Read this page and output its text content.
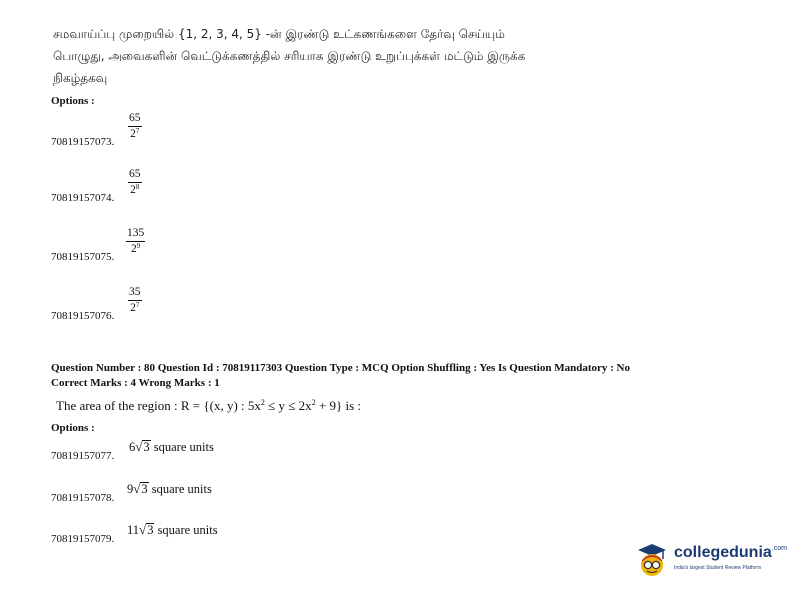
சமவாய்ப்பு முறையில் {1, 2, 3, 4, 5} -ன் இரண்டு உட்கணங்களை தேர்வு செய்யும்
பொழுது, அவைகளின் வெட்டுக்கணத்தில் சரியாக இரண்டு உறுப்புக்கள் மட்டும் இருக்க
நிகழ்தகவு
Options :
$\frac{65}{2^7}$
70819157073.
$\frac{65}{2^8}$
70819157074.
$\frac{135}{2^9}$
70819157075.
$\frac{35}{2^7}$
70819157076.
Question Number : 80 Question Id : 70819117303 Question Type : MCQ Option Shuffling : Yes Is Question Mandatory : No
Correct Marks : 4 Wrong Marks : 1
The area of the region : R = {(x, y) : $5x^2 \le y \le 2x^2 + 9$} is :
Options :
70819157077.
6 √ 3 square units
70819157078.
9 √ 3 square units
70819157079.
11 √ 3 square units
collegedunia$^{.com}$
India's largest Student Review Platform
